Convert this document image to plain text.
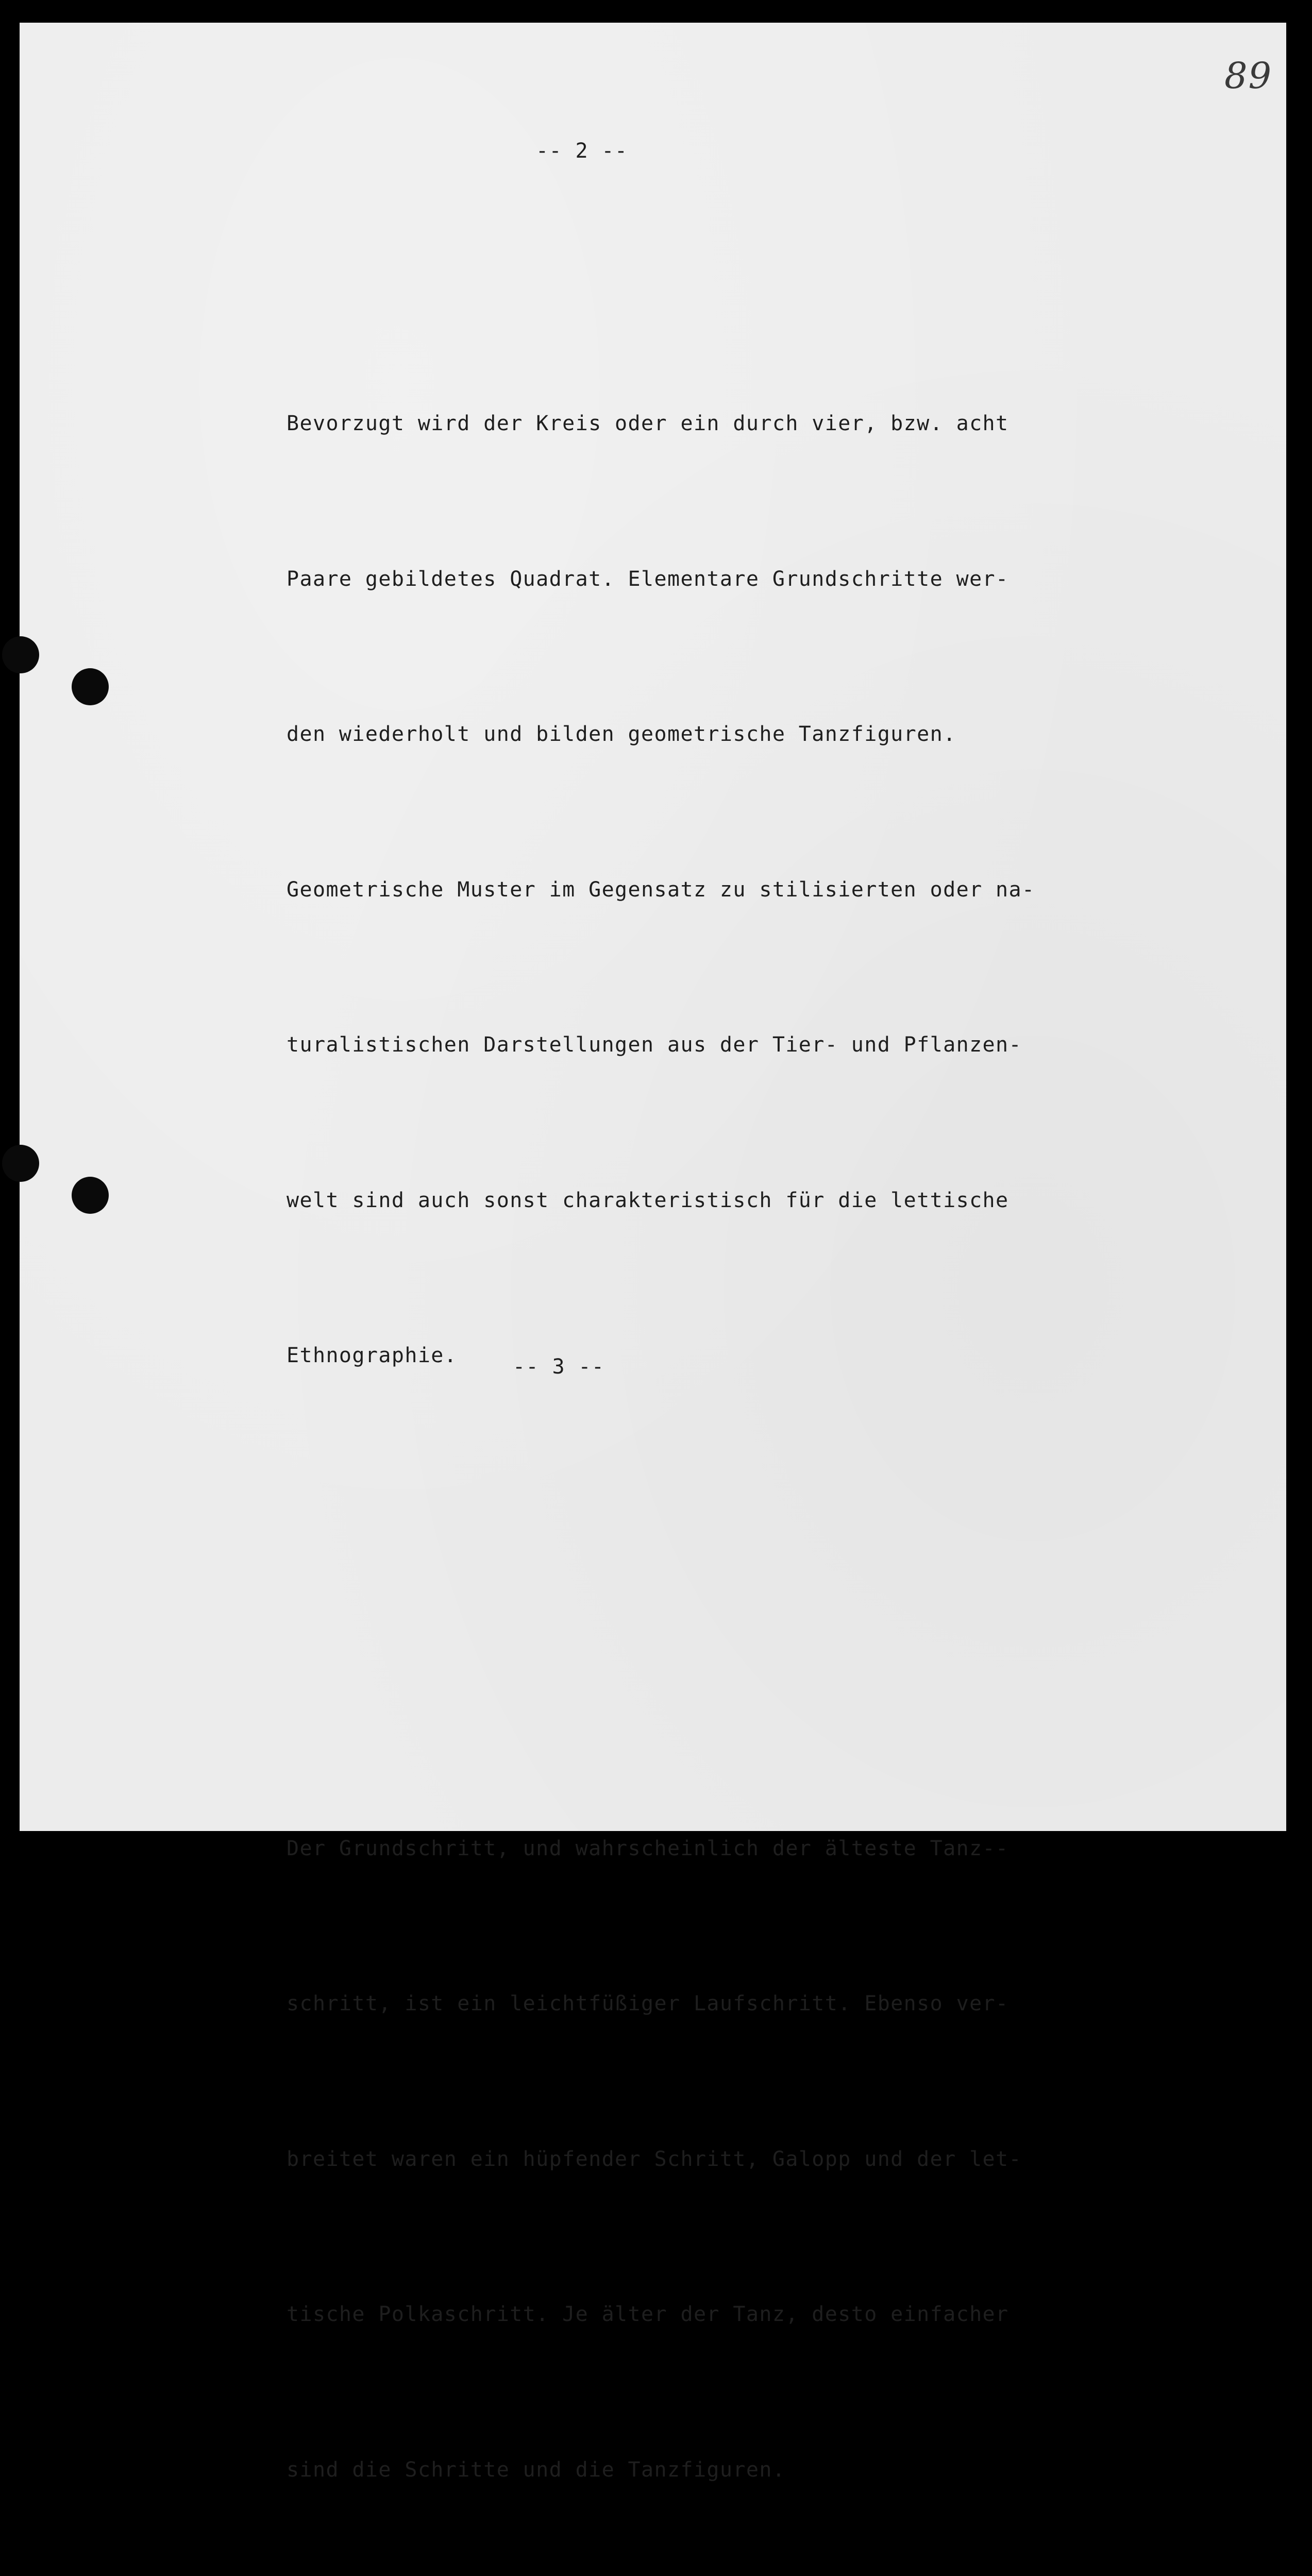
89
-- 2 --

Bevorzugt wird der Kreis oder ein durch vier, bzw. acht

Paare gebildetes Quadrat. Elementare Grundschritte wer-

den wiederholt und bilden geometrische Tanzfiguren.

Geometrische Muster im Gegensatz zu stilisierten oder na-

turalistischen Darstellungen aus der Tier- und Pflanzen-

welt sind auch sonst charakteristisch für die lettische

Ethnographie.

Der Grundschritt, und wahrscheinlich der älteste Tanz--

schritt, ist ein leichtfüßiger Laufschritt. Ebenso ver-

breitet waren ein hüpfender Schritt, Galopp und der let-

tische Polkaschritt. Je älter der Tanz, desto einfacher

sind die Schritte und die Tanzfiguren.

-- 3 --
